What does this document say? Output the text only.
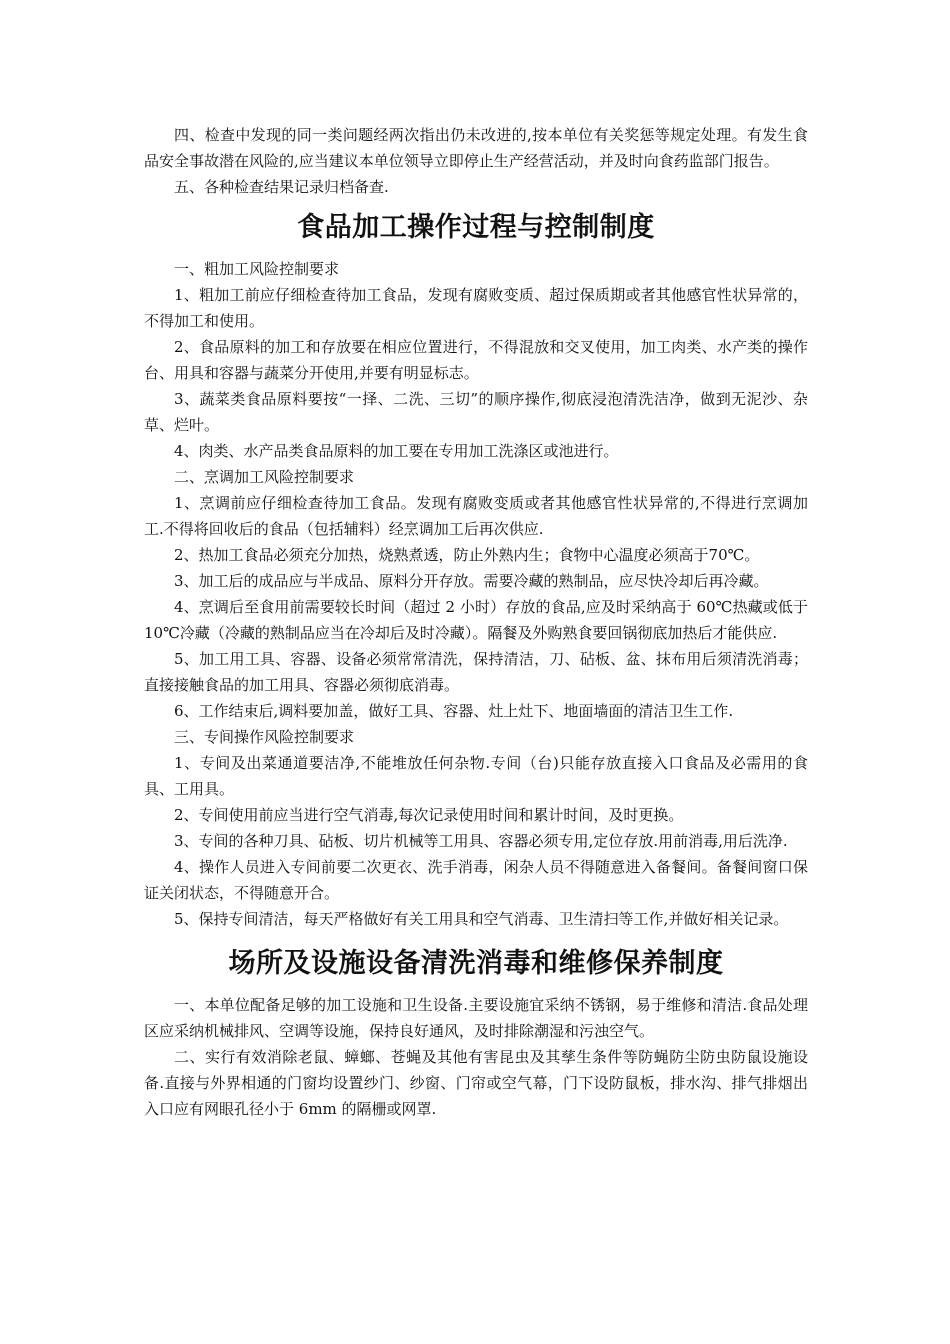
四、检查中发现的同一类问题经两次指出仍未改进的,按本单位有关奖惩等规定处理。有发生食品安全事故潜在风险的,应当建议本单位领导立即停止生产经营活动，并及时向食药监部门报告。

五、各种检查结果记录归档备查.

食品加工操作过程与控制制度

一、粗加工风险控制要求

1、粗加工前应仔细检查待加工食品，发现有腐败变质、超过保质期或者其他感官性状异常的，不得加工和使用。

2、食品原料的加工和存放要在相应位置进行，不得混放和交叉使用，加工肉类、水产类的操作台、用具和容器与蔬菜分开使用,并要有明显标志。

3、蔬菜类食品原料要按“一择、二洗、三切”的顺序操作,彻底浸泡清洗洁净，做到无泥沙、杂草、烂叶。

4、肉类、水产品类食品原料的加工要在专用加工洗涤区或池进行。

二、烹调加工风险控制要求

1、烹调前应仔细检查待加工食品。发现有腐败变质或者其他感官性状异常的,不得进行烹调加工.不得将回收后的食品（包括辅料）经烹调加工后再次供应.

2、热加工食品必须充分加热，烧熟煮透，防止外熟内生；食物中心温度必须高于70℃。

3、加工后的成品应与半成品、原料分开存放。需要冷藏的熟制品，应尽快冷却后再冷藏。

4、烹调后至食用前需要较长时间（超过 2 小时）存放的食品,应及时采纳高于 60℃热藏或低于 10℃冷藏（冷藏的熟制品应当在冷却后及时冷藏）。隔餐及外购熟食要回锅彻底加热后才能供应.

5、加工用工具、容器、设备必须常常清洗，保持清洁，刀、砧板、盆、抹布用后须清洗消毒；直接接触食品的加工用具、容器必须彻底消毒。

6、工作结束后,调料要加盖，做好工具、容器、灶上灶下、地面墙面的清洁卫生工作.

三、专间操作风险控制要求

1、专间及出菜通道要洁净,不能堆放任何杂物.专间（台)只能存放直接入口食品及必需用的食具、工用具。

2、专间使用前应当进行空气消毒,每次记录使用时间和累计时间，及时更换。

3、专间的各种刀具、砧板、切片机械等工用具、容器必须专用,定位存放.用前消毒,用后洗净.

4、操作人员进入专间前要二次更衣、洗手消毒，闲杂人员不得随意进入备餐间。备餐间窗口保证关闭状态，不得随意开合。

5、保持专间清洁，每天严格做好有关工用具和空气消毒、卫生清扫等工作,并做好相关记录。

场所及设施设备清洗消毒和维修保养制度

一、本单位配备足够的加工设施和卫生设备.主要设施宜采纳不锈钢，易于维修和清洁.食品处理区应采纳机械排风、空调等设施，保持良好通风，及时排除潮湿和污浊空气。

二、实行有效消除老鼠、蟑螂、苍蝇及其他有害昆虫及其孳生条件等防蝇防尘防虫防鼠设施设备.直接与外界相通的门窗均设置纱门、纱窗、门帘或空气幕，门下设防鼠板，排水沟、排气排烟出入口应有网眼孔径小于 6mm 的隔栅或网罩.
